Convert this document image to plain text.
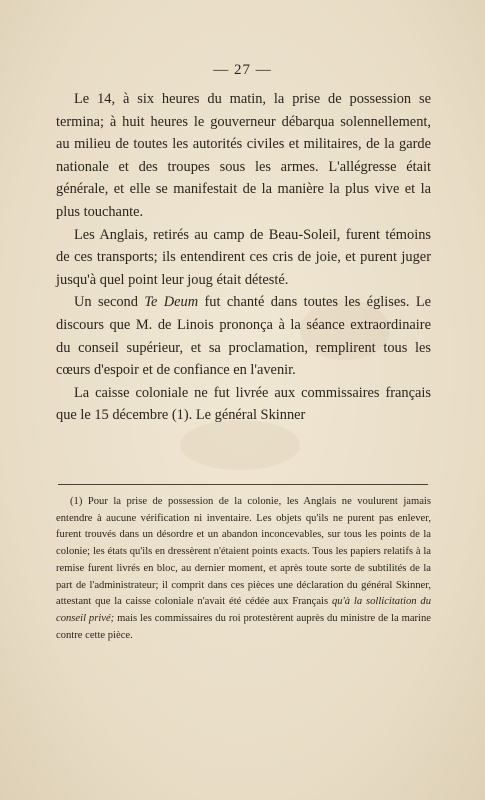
— 27 —

Le 14, à six heures du matin, la prise de possession se termina; à huit heures le gouverneur débarqua solennellement, au milieu de toutes les autorités civiles et militaires, de la garde nationale et des troupes sous les armes. L'allégresse était générale, et elle se manifestait de la manière la plus vive et la plus touchante.

Les Anglais, retirés au camp de Beau-Soleil, furent témoins de ces transports; ils entendirent ces cris de joie, et purent juger jusqu'à quel point leur joug était détesté.

Un second Te Deum fut chanté dans toutes les églises. Le discours que M. de Linois prononça à la séance extraordinaire du conseil supérieur, et sa proclamation, remplirent tous les cœurs d'espoir et de confiance en l'avenir.

La caisse coloniale ne fut livrée aux commissaires français que le 15 décembre (1). Le général Skinner

(1) Pour la prise de possession de la colonie, les Anglais ne voulurent jamais entendre à aucune vérification ni inventaire. Les objets qu'ils ne purent pas enlever, furent trouvés dans un désordre et un abandon inconcevables, sur tous les points de la colonie; les états qu'ils en dressèrent n'étaient points exacts. Tous les papiers relatifs à la remise furent livrés en bloc, au dernier moment, et après toute sorte de subtilités de la part de l'administrateur; il comprit dans ces pièces une déclaration du général Skinner, attestant que la caisse coloniale n'avait été cédée aux Français qu'à la sollicitation du conseil privé; mais les commissaires du roi protestèrent auprès du ministre de la marine contre cette pièce.
